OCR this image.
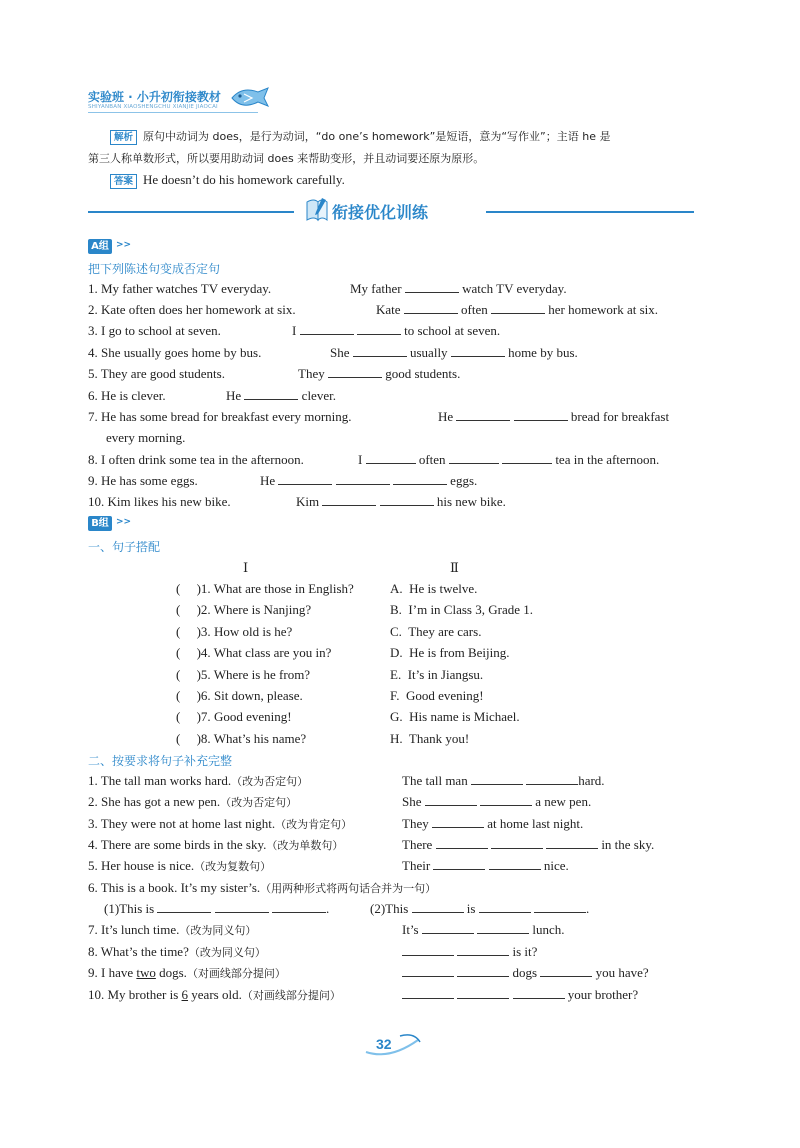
实验班 · 小升初衔接教材
SHIYANBAN XIAOSHENGCHU XIANJIE JIAOCAI
解析 原句中动词为 does，是行为动词，“do one’s homework”是短语，意为“写作业”；主语 he 是
第三人称单数形式，所以要用助动词 does 来帮助变形，并且动词要还原为原形。
答案 He doesn’t do his homework carefully.
衔接优化训练
A组 >>
把下列陈述句变成否定句
1. My father watches TV everyday.	My father	watch TV everyday.
2. Kate often does her homework at six.	Kate	often	her homework at six.
3. I go to school at seven.	I	to school at seven.
4. She usually goes home by bus.	She	usually	home by bus.
5. They are good students.	They	good students.
6. He is clever.	He	clever.
7. He has some bread for breakfast every morning.	He	bread for breakfast
every morning.
8. I often drink some tea in the afternoon.	I	often	tea in the afternoon.
9. He has some eggs.	He	eggs.
10. Kim likes his new bike.	Kim	his new bike.
B组 >>
一、句子搭配
Ⅰ	Ⅱ
(     )1. What are those in English?	A. He is twelve.
(     )2. Where is Nanjing?	B. I’m in Class 3, Grade 1.
(     )3. How old is he?	C. They are cars.
(     )4. What class are you in?	D. He is from Beijing.
(     )5. Where is he from?	E. It’s in Jiangsu.
(     )6. Sit down, please.	F. Good evening!
(     )7. Good evening!	G. His name is Michael.
(     )8. What’s his name?	H. Thank you!
二、按要求将句子补充完整
1. The tall man works hard.（改为否定句）	The tall man	hard.
2. She has got a new pen.（改为否定句）	She	a new pen.
3. They were not at home last night.（改为肯定句）	They	at home last night.
4. There are some birds in the sky.（改为单数句）	There	in the sky.
5. Her house is nice.（改为复数句）	Their	nice.
6. This is a book. It’s my sister’s.（用两种形式将两句话合并为一句）
(1)This is	.	(2)This	is	.
7. It’s lunch time.（改为同义句）	It’s	lunch.
8. What’s the time?（改为同义句）	is it?
9. I have two dogs.（对画线部分提问）	dogs	you have?
10. My brother is 6 years old.（对画线部分提问）	your brother?
32
